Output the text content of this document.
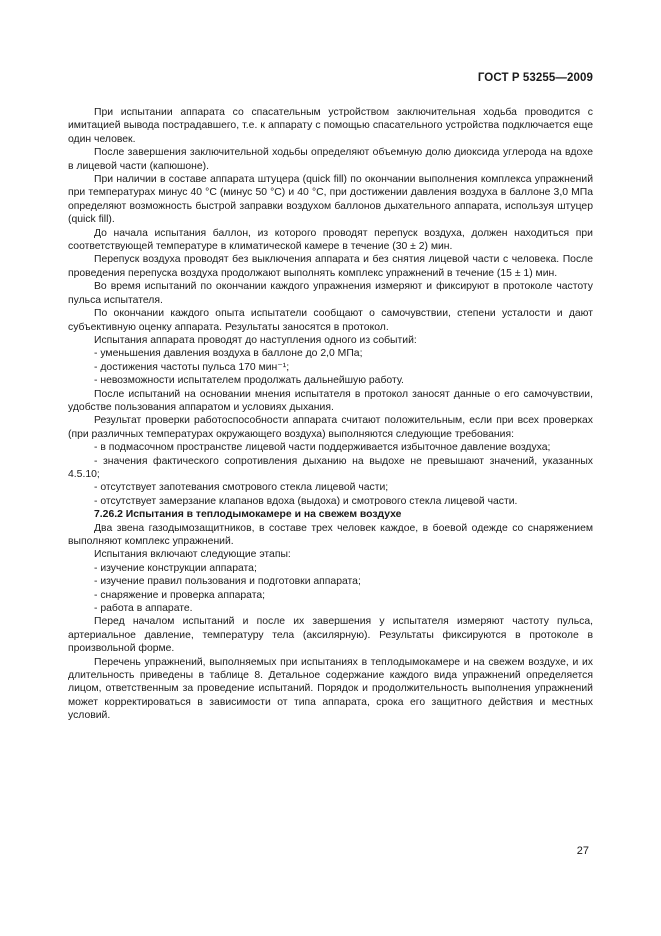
ГОСТ Р 53255—2009

При испытании аппарата со спасательным устройством заключительная ходьба проводится с имитацией вывода пострадавшего, т.е. к аппарату с помощью спасательного устройства подключается еще один человек.

После завершения заключительной ходьбы определяют объемную долю диоксида углерода на вдохе в лицевой части (капюшоне).

При наличии в составе аппарата штуцера (quick fill) по окончании выполнения комплекса упражнений при температурах минус 40 °С (минус 50 °С) и 40 °С, при достижении давления воздуха в баллоне 3,0 МПа определяют возможность быстрой заправки воздухом баллонов дыхательного аппарата, используя штуцер (quick fill).

До начала испытания баллон, из которого проводят перепуск воздуха, должен находиться при соответствующей температуре в климатической камере в течение (30 ± 2) мин.

Перепуск воздуха проводят без выключения аппарата и без снятия лицевой части с человека. После проведения перепуска воздуха продолжают выполнять комплекс упражнений в течение (15 ± 1) мин.

Во время испытаний по окончании каждого упражнения измеряют и фиксируют в протоколе частоту пульса испытателя.

По окончании каждого опыта испытатели сообщают о самочувствии, степени усталости и дают субъективную оценку аппарата. Результаты заносятся в протокол.

Испытания аппарата проводят до наступления одного из событий:

- уменьшения давления воздуха в баллоне до 2,0 МПа;

- достижения частоты пульса 170 мин⁻¹;

- невозможности испытателем продолжать дальнейшую работу.

После испытаний на основании мнения испытателя в протокол заносят данные о его самочувствии, удобстве пользования аппаратом и условиях дыхания.

Результат проверки работоспособности аппарата считают положительным, если при всех проверках (при различных температурах окружающего воздуха) выполняются следующие требования:

- в подмасочном пространстве лицевой части поддерживается избыточное давление воздуха;

- значения фактического сопротивления дыханию на выдохе не превышают значений, указанных 4.5.10;

- отсутствует запотевания смотрового стекла лицевой части;

- отсутствует замерзание клапанов вдоха (выдоха) и смотрового стекла лицевой части.

7.26.2 Испытания в теплодымокамере и на свежем воздухе

Два звена газодымозащитников, в составе трех человек каждое, в боевой одежде со снаряжением выполняют комплекс упражнений.

Испытания включают следующие этапы:

- изучение конструкции аппарата;

- изучение правил пользования и подготовки аппарата;

- снаряжение и проверка аппарата;

- работа в аппарате.

Перед началом испытаний и после их завершения у испытателя измеряют частоту пульса, артериальное давление, температуру тела (аксилярную). Результаты фиксируются в протоколе в произвольной форме.

Перечень упражнений, выполняемых при испытаниях в теплодымокамере и на свежем воздухе, и их длительность приведены в таблице 8. Детальное содержание каждого вида упражнений определяется лицом, ответственным за проведение испытаний. Порядок и продолжительность выполнения упражнений может корректироваться в зависимости от типа аппарата, срока его защитного действия и местных условий.

27
